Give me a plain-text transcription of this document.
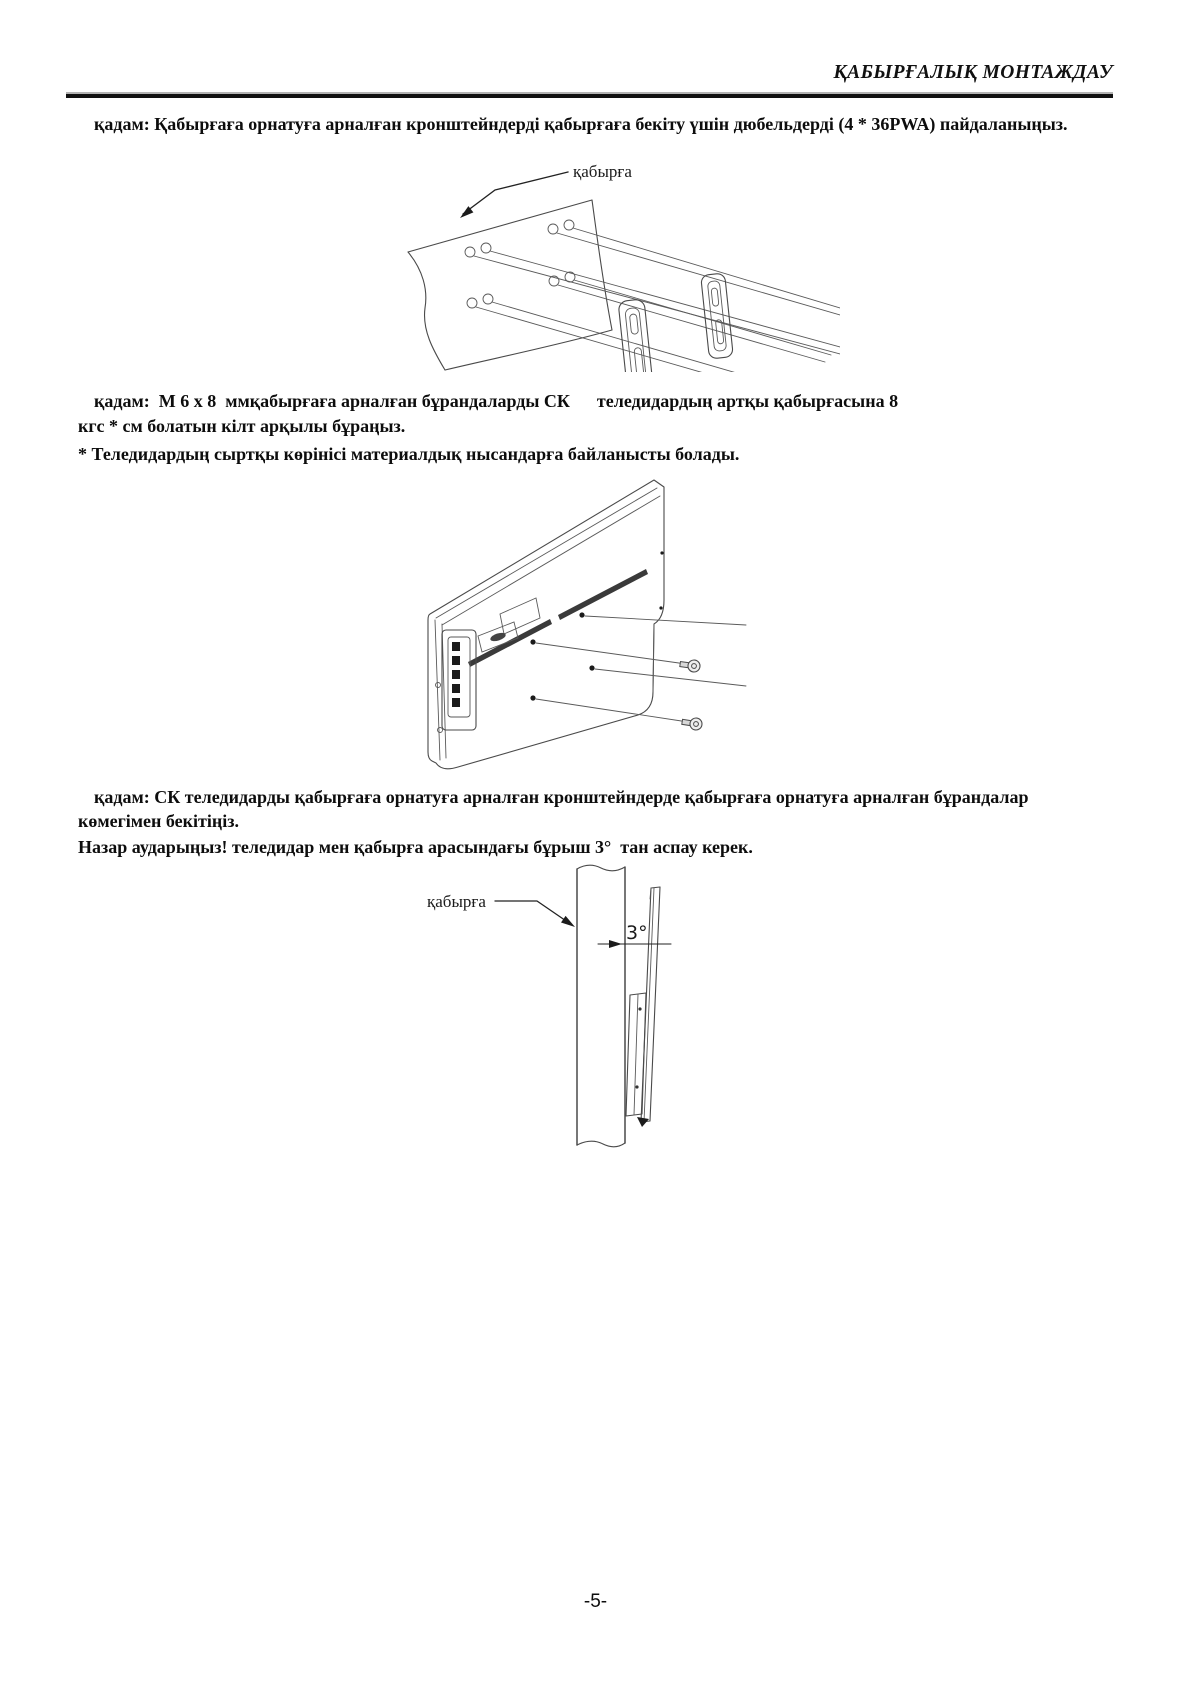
ҚАБЫРҒАЛЫҚ МОНТАЖДАУ
қадам: Қабырғаға орнатуға арналған кронштейндерді қабырғаға бекіту үшін дюбельдерді (4 * 36PWA) пайдаланыңыз.
қабырға
қадам:  М 6 х 8  ммқабырғаға арналған бұрандаларды СК      теледидардың артқы қабырғасына 8
кгс * см болатын кілт арқылы бұраңыз.
* Теледидардың сыртқы көрінісі материалдық нысандарға байланысты болады.
қадам: СК теледидарды қабырғаға орнатуға арналған кронштейндерде қабырғаға орнатуға арналған бұрандалар
көмегімен бекітіңіз.
Назар аударыңыз! теледидар мен қабырға арасындағы бұрыш 3°  тан аспау керек.
қабырға
3°
-5-
